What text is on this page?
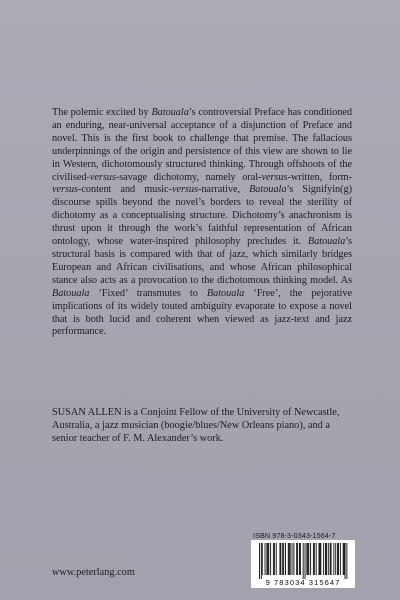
The polemic excited by Batouala’s controversial Preface has conditioned an enduring, near-universal acceptance of a disjunction of Preface and novel. This is the first book to challenge that premise. The fallacious underpinnings of the origin and persistence of this view are shown to lie in Western, dichotomously structured thinking. Through offshoots of the civilised-versus-savage dichotomy, namely oral-versus-written, form-versus-content and music-versus-narrative, Batouala’s Signifyin(g) discourse spills beyond the novel’s borders to reveal the sterility of dichotomy as a conceptualising structure. Dichotomy’s anachronism is thrust upon it through the work’s faithful representation of African ontology, whose water-inspired philosophy precludes it. Batouala’s structural basis is compared with that of jazz, which similarly bridges European and African civilisations, and whose African philosophical stance also acts as a provocation to the dichotomous thinking model. As Batouala ‘Fixed’ transmutes to Batouala ‘Free’, the pejorative implications of its widely touted ambiguity evaporate to expose a novel that is both lucid and coherent when viewed as jazz-text and jazz performance.

SUSAN ALLEN is a Conjoint Fellow of the University of Newcastle, Australia, a jazz musician (boogie/blues/New Orleans piano), and a senior teacher of F. M. Alexander’s work.

ISBN 978-3-0343-1564-7
9 783034 315647
www.peterlang.com
